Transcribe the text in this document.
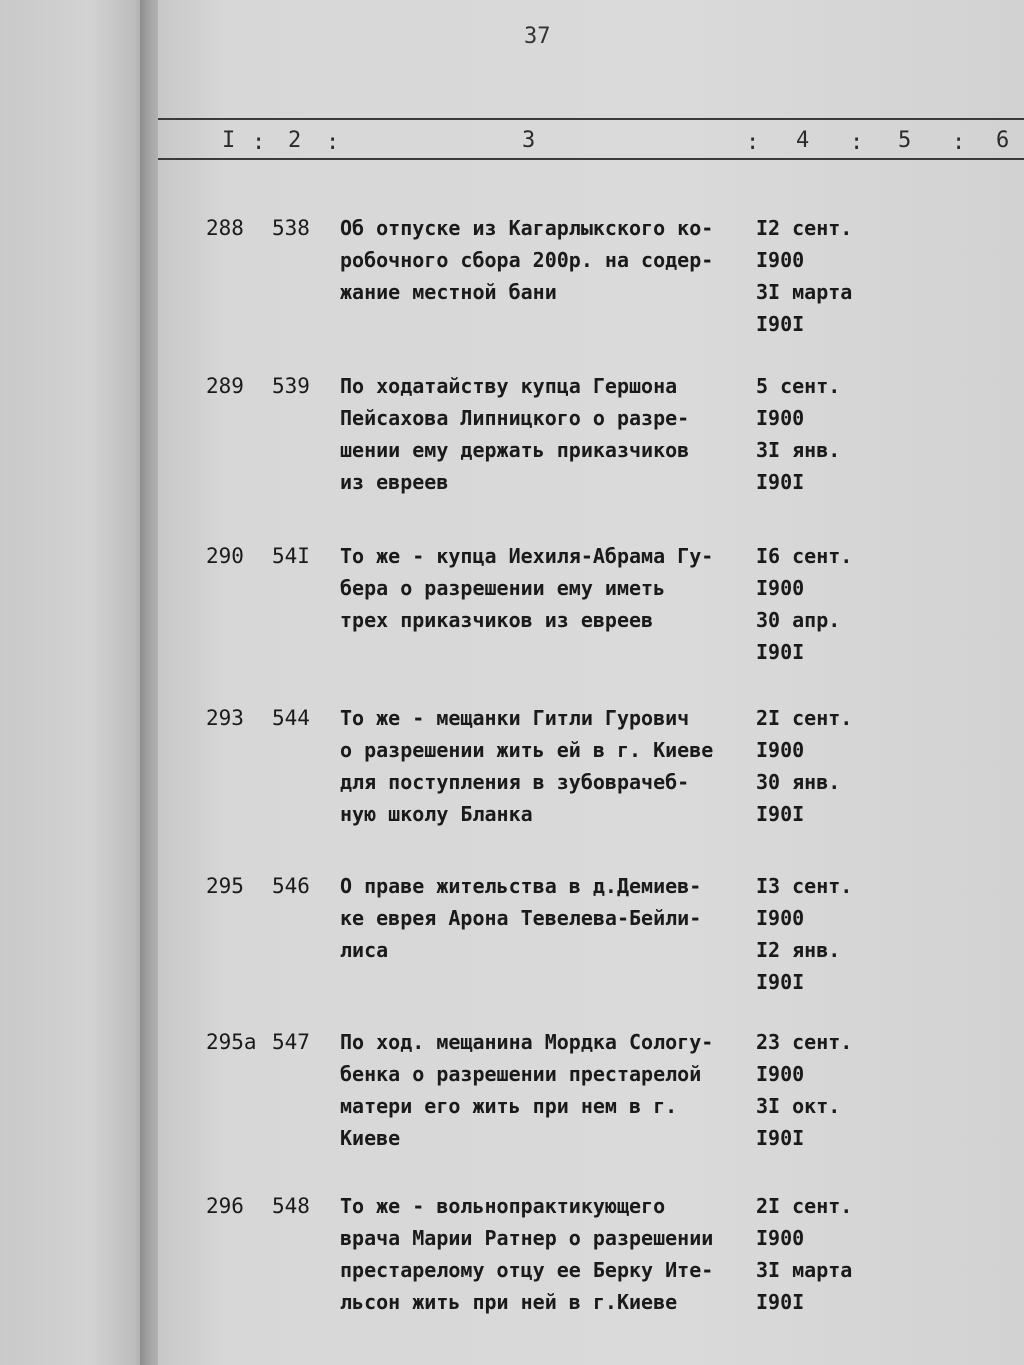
37
I : 2 :	3	: 4 : 5 : 6
288 538 Об отпуске из Кагарлыкского ко-
робочного сбора 200р. на содер-
жание местной бани
I2 сент.
I900
3I марта
I90I
289 539 По ходатайству купца Гершона
Пейсахова Липницкого о разре-
шении ему держать приказчиков
из евреев
5 сент.
I900
3I янв.
I90I
290 54I То же - купца Иехиля-Абрама Гу-
бера о разрешении ему иметь
трех приказчиков из евреев
I6 сент.
I900
30 апр.
I90I
293 544 То же - мещанки Гитли Гурович
о разрешении жить ей в г. Киеве
для поступления в зубоврачеб-
ную школу Бланка
2I сент.
I900
30 янв.
I90I
295 546 О праве жительства в д.Демиев-
ке еврея Арона Тевелева-Бейли-
лиса
I3 сент.
I900
I2 янв.
I90I
295а 547 По ход. мещанина Мордка Сологу-
бенка о разрешении престарелой
матери его жить при нем в г.
Киеве
23 сент.
I900
3I окт.
I90I
296 548 То же - вольнопрактикующего
врача Марии Ратнер о разрешении
престарелому отцу ее Берку Ите-
льсон жить при ней в г.Киеве
2I сент.
I900
3I марта
I90I
